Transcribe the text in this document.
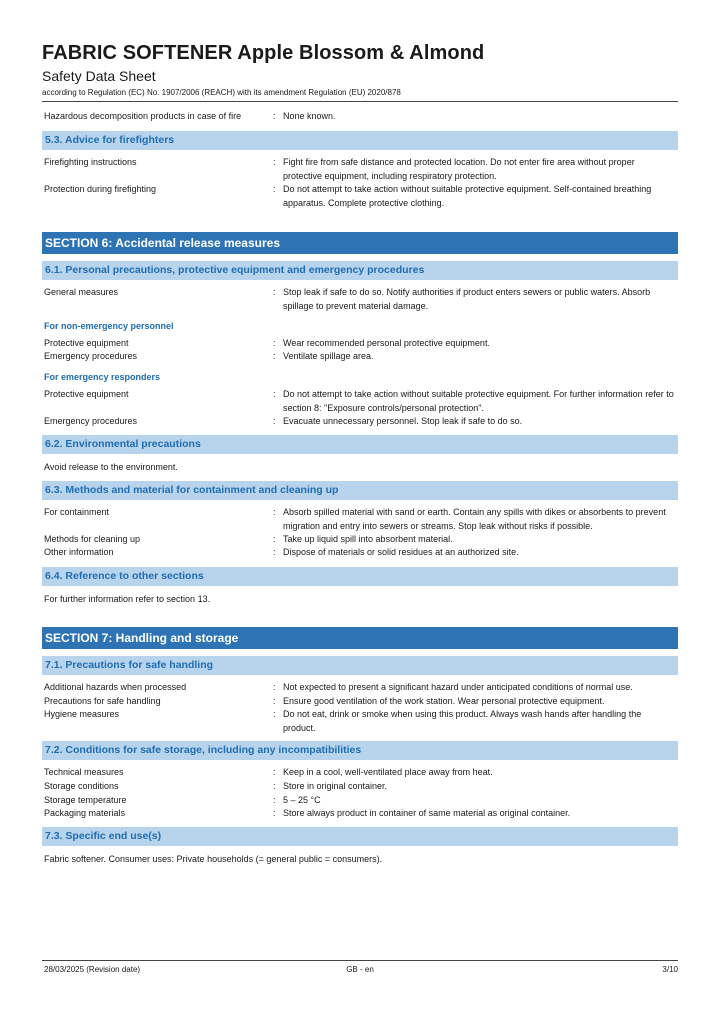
FABRIC SOFTENER Apple Blossom & Almond
Safety Data Sheet
according to Regulation (EC) No. 1907/2006 (REACH) with its amendment Regulation (EU) 2020/878
Hazardous decomposition products in case of fire	: None known.
5.3. Advice for firefighters
Firefighting instructions	: Fight fire from safe distance and protected location. Do not enter fire area without proper protective equipment, including respiratory protection.
Protection during firefighting	: Do not attempt to take action without suitable protective equipment. Self-contained breathing apparatus. Complete protective clothing.
SECTION 6: Accidental release measures
6.1. Personal precautions, protective equipment and emergency procedures
General measures	: Stop leak if safe to do so. Notify authorities if product enters sewers or public waters. Absorb spillage to prevent material damage.
For non-emergency personnel
Protective equipment	: Wear recommended personal protective equipment.
Emergency procedures	: Ventilate spillage area.
For emergency responders
Protective equipment	: Do not attempt to take action without suitable protective equipment. For further information refer to section 8: "Exposure controls/personal protection".
Emergency procedures	: Evacuate unnecessary personnel. Stop leak if safe to do so.
6.2. Environmental precautions
Avoid release to the environment.
6.3. Methods and material for containment and cleaning up
For containment	: Absorb spilled material with sand or earth. Contain any spills with dikes or absorbents to prevent migration and entry into sewers or streams. Stop leak without risks if possible.
Methods for cleaning up	: Take up liquid spill into absorbent material.
Other information	: Dispose of materials or solid residues at an authorized site.
6.4. Reference to other sections
For further information refer to section 13.
SECTION 7: Handling and storage
7.1. Precautions for safe handling
Additional hazards when processed	: Not expected to present a significant hazard under anticipated conditions of normal use.
Precautions for safe handling	: Ensure good ventilation of the work station. Wear personal protective equipment.
Hygiene measures	: Do not eat, drink or smoke when using this product. Always wash hands after handling the product.
7.2. Conditions for safe storage, including any incompatibilities
Technical measures	: Keep in a cool, well-ventilated place away from heat.
Storage conditions	: Store in original container.
Storage temperature	: 5 – 25 °C
Packaging materials	: Store always product in container of same material as original container.
7.3. Specific end use(s)
Fabric softener. Consumer uses: Private households (= general public = consumers).
28/03/2025 (Revision date)	GB - en	3/10
